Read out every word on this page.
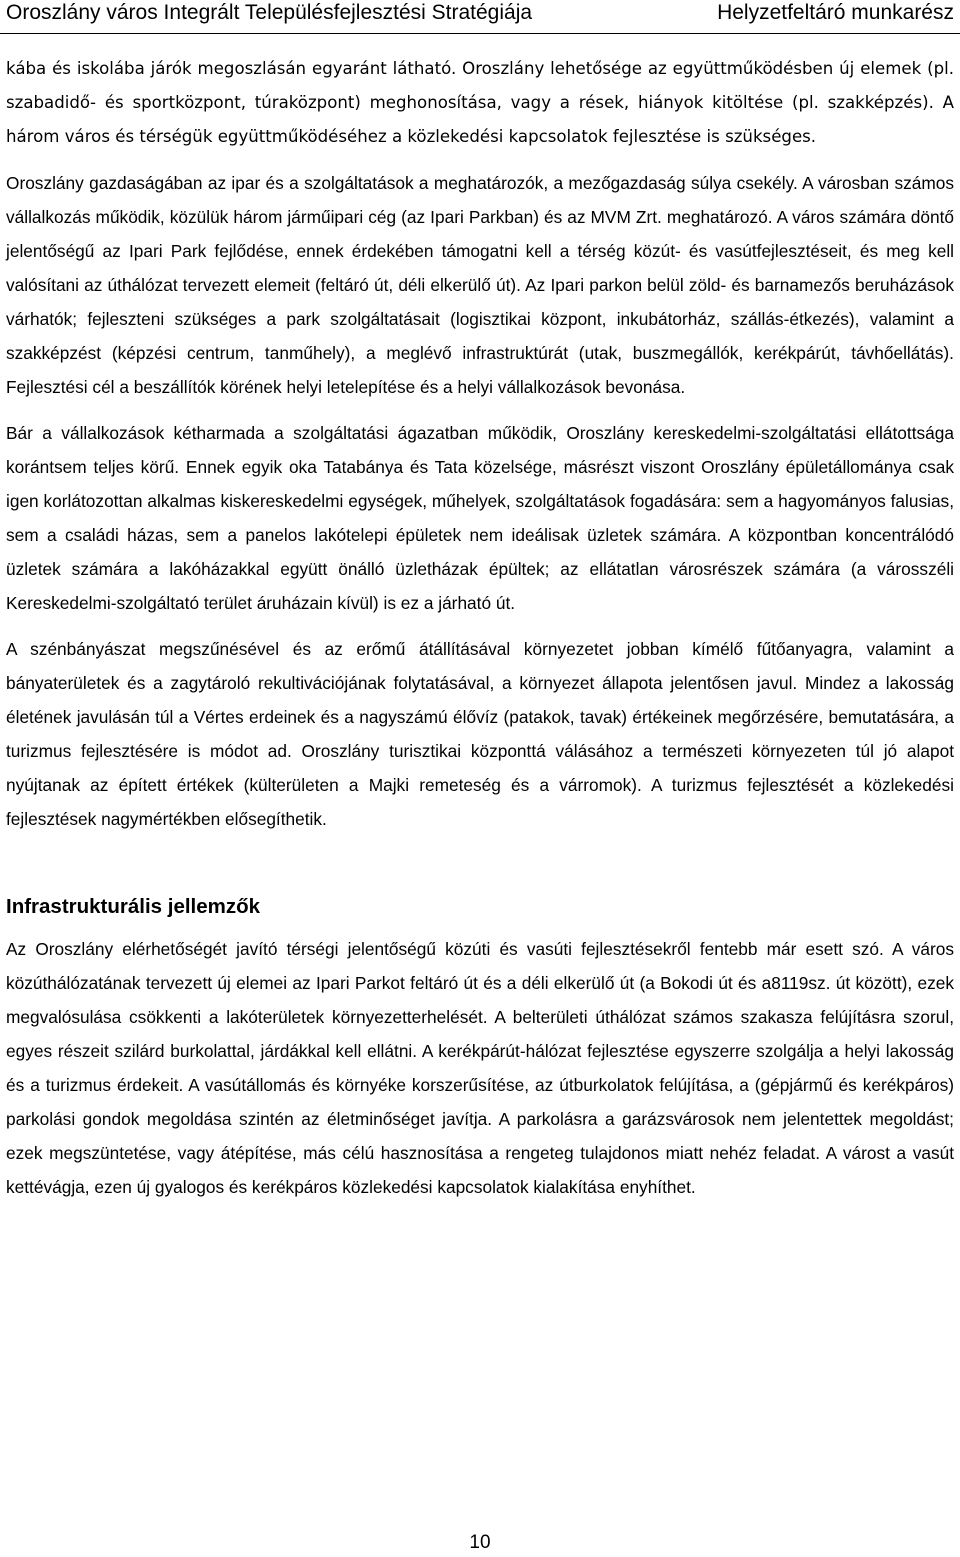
Oroszlány város Integrált Településfejlesztési Stratégiája	Helyzetfeltáró munkarész

kába és iskolába járók megoszlásán egyaránt látható. Oroszlány lehetősége az együttműködésben új elemek (pl. szabadidő- és sportközpont, túraközpont) meghonosítása, vagy a rések, hiányok kitöltése (pl. szakképzés). A három város és térségük együttműködéséhez a közlekedési kapcsolatok fejlesztése is szükséges.

Oroszlány gazdaságában az ipar és a szolgáltatások a meghatározók, a mezőgazdaság súlya csekély. A városban számos vállalkozás működik, közülük három járműipari cég (az Ipari Parkban) és az MVM Zrt. meghatározó. A város számára döntő jelentőségű az Ipari Park fejlődése, ennek érdekében támogatni kell a térség közút- és vasútfejlesztéseit, és meg kell valósítani az úthálózat tervezett elemeit (feltáró út, déli elkerülő út). Az Ipari parkon belül zöld- és barnamezős beruházások várhatók; fejleszteni szükséges a park szolgáltatásait (logisztikai központ, inkubátorház, szállás-étkezés), valamint a szakképzést (képzési centrum, tanműhely), a meglévő infrastruktúrát (utak, buszmegállók, kerékpárút, távhőellátás). Fejlesztési cél a beszállítók körének helyi letelepítése és a helyi vállalkozások bevonása.

Bár a vállalkozások kétharmada a szolgáltatási ágazatban működik, Oroszlány kereskedelmi-szolgáltatási ellátottsága korántsem teljes körű. Ennek egyik oka Tatabánya és Tata közelsége, másrészt viszont Oroszlány épületállománya csak igen korlátozottan alkalmas kiskereskedelmi egységek, műhelyek, szolgáltatások fogadására: sem a hagyományos falusias, sem a családi házas, sem a panelos lakótelepi épületek nem ideálisak üzletek számára. A központban koncentrálódó üzletek számára a lakóházakkal együtt önálló üzletházak épültek; az ellátatlan városrészek számára (a városszéli Kereskedelmi-szolgáltató terület áruházain kívül) is ez a járható út.

A szénbányászat megszűnésével és az erőmű átállításával környezetet jobban kímélő fűtőanyagra, valamint a bányaterületek és a zagytároló rekultivációjának folytatásával, a környezet állapota jelentősen javul. Mindez a lakosság életének javulásán túl a Vértes erdeinek és a nagyszámú élővíz (patakok, tavak) értékeinek megőrzésére, bemutatására, a turizmus fejlesztésére is módot ad. Oroszlány turisztikai központtá válásához a természeti környezeten túl jó alapot nyújtanak az épített értékek (külterületen a Majki remeteség és a várromok). A turizmus fejlesztését a közlekedési fejlesztések nagymértékben elősegíthetik.

Infrastrukturális jellemzők

Az Oroszlány elérhetőségét javító térségi jelentőségű közúti és vasúti fejlesztésekről fentebb már esett szó. A város közúthálózatának tervezett új elemei az Ipari Parkot feltáró út és a déli elkerülő út (a Bokodi út és a8119sz. út között), ezek megvalósulása csökkenti a lakóterületek környezetterhelését. A belterületi úthálózat számos szakasza felújításra szorul, egyes részeit szilárd burkolattal, járdákkal kell ellátni. A kerékpárút-hálózat fejlesztése egyszerre szolgálja a helyi lakosság és a turizmus érdekeit. A vasútállomás és környéke korszerűsítése, az útburkolatok felújítása, a (gépjármű és kerékpáros) parkolási gondok megoldása szintén az életminőséget javítja. A parkolásra a garázsvárosok nem jelentettek megoldást; ezek megszüntetése, vagy átépítése, más célú hasznosítása a rengeteg tulajdonos miatt nehéz feladat. A várost a vasút kettévágja, ezen új gyalogos és kerékpáros közlekedési kapcsolatok kialakítása enyhíthet.

10
